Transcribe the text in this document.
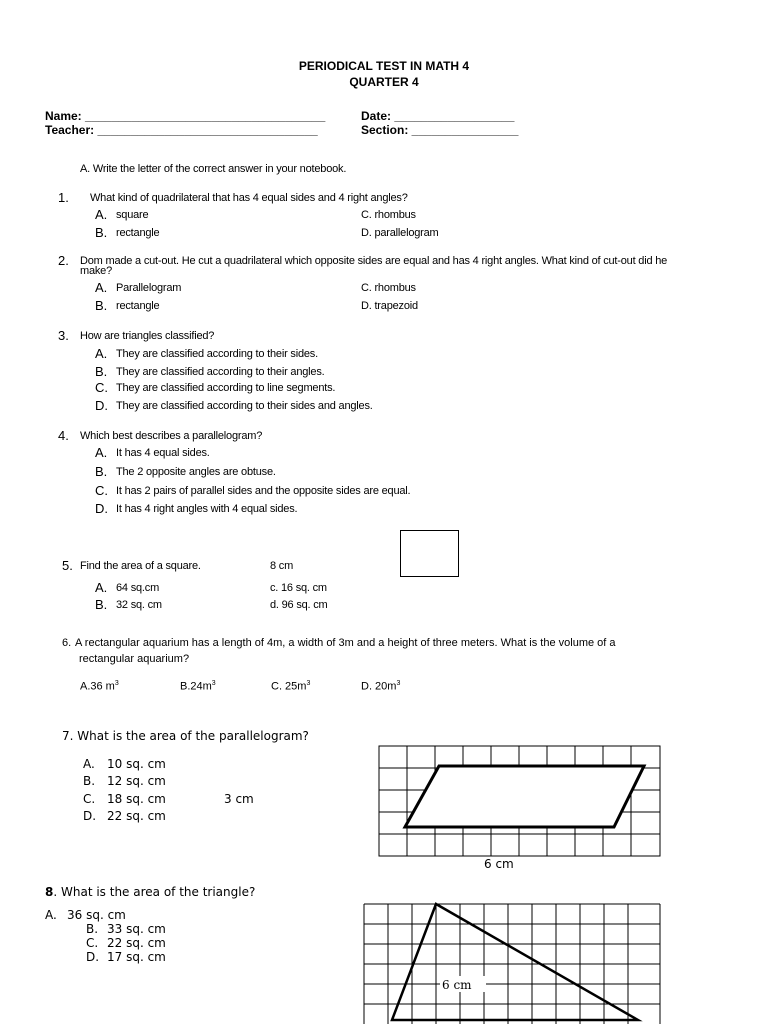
PERIODICAL TEST IN MATH 4
QUARTER 4
Name: ____________________________________	Date: __________________
Teacher: _________________________________	Section: ________________
A. Write the letter of the correct answer in your notebook.
1. What kind of quadrilateral that has 4 equal sides and 4 right angles?
A. square
B. rectangle
C. rhombus
D. parallelogram
2. Dom made a cut-out. He cut a quadrilateral which opposite sides are equal and has 4 right angles. What kind of cut-out did he
make?
A. Parallelogram
B. rectangle
C. rhombus
D. trapezoid
3. How are triangles classified?
A. They are classified according to their sides.
B. They are classified according to their angles.
C. They are classified according to line segments.
D. They are classified according to their sides and angles.
4. Which best describes a parallelogram?
A. It has 4 equal sides.
B. The 2 opposite angles are obtuse.
C. It has 2 pairs of parallel sides and the opposite sides are equal.
D. It has 4 right angles with 4 equal sides.
5. Find the area of a square.	8 cm
A. 64 sq.cm
B. 32 sq. cm
c. 16 sq. cm
d. 96 sq. cm
6. A rectangular aquarium has a length of 4m, a width of 3m and a height of three meters. What is the volume of a
rectangular aquarium?
A.36 $m^3$	$B.24m^3$	C. $25m^3$	D. $20m^3$
7. What is the area of the parallelogram?
A. 10 sq. cm
B. 12 sq. cm
C. 18 sq. cm
D. 22 sq. cm
3 cm
6 cm
8. What is the area of the triangle?
A. 36 sq. cm
B. 33 sq. cm
C. 22 sq. cm
D. 17 sq. cm
6 cm
